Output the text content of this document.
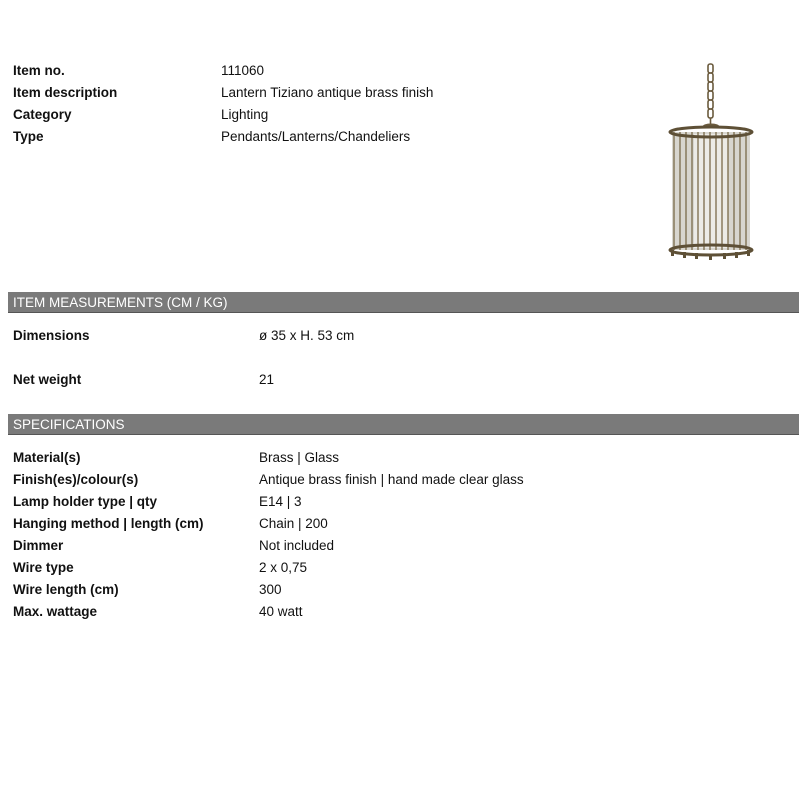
Item no.	111060
Item description	Lantern Tiziano antique brass finish
Category	Lighting
Type	Pendants/Lanterns/Chandeliers
ITEM MEASUREMENTS (CM / KG)
Dimensions	ø 35 x H. 53 cm
Net weight	21
SPECIFICATIONS
Material(s)	Brass | Glass
Finish(es)/colour(s)	Antique brass finish | hand made clear glass
Lamp holder type | qty	E14 | 3
Hanging method | length (cm)	Chain | 200
Dimmer	Not included
Wire type	2 x 0,75
Wire length (cm)	300
Max. wattage	40 watt
